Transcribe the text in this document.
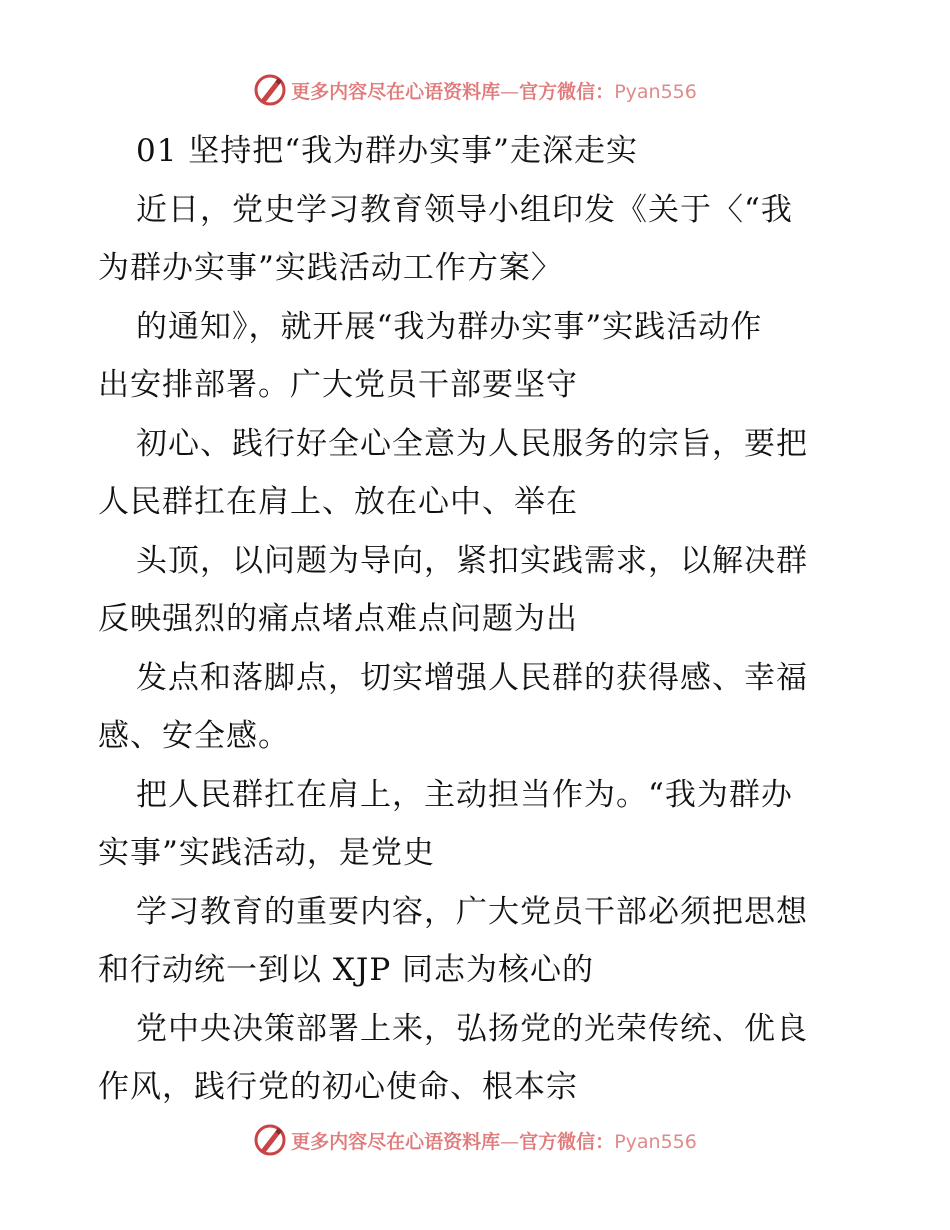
更多内容尽在心语资料库—官方微信：Pyan556
01 坚持把“我为群办实事”走深走实
近日，党史学习教育领导小组印发《关于〈“我
为群办实事”实践活动工作方案〉
的通知》，就开展“我为群办实事”实践活动作
出安排部署。广大党员干部要坚守
初心、践行好全心全意为人民服务的宗旨，要把
人民群扛在肩上、放在心中、举在
头顶，以问题为导向，紧扣实践需求，以解决群
反映强烈的痛点堵点难点问题为出
发点和落脚点，切实增强人民群的获得感、幸福
感、安全感。
把人民群扛在肩上，主动担当作为。“我为群办
实事”实践活动，是党史
学习教育的重要内容，广大党员干部必须把思想
和行动统一到以 XJP 同志为核心的
党中央决策部署上来，弘扬党的光荣传统、优良
作风，践行党的初心使命、根本宗
更多内容尽在心语资料库—官方微信：Pyan556
